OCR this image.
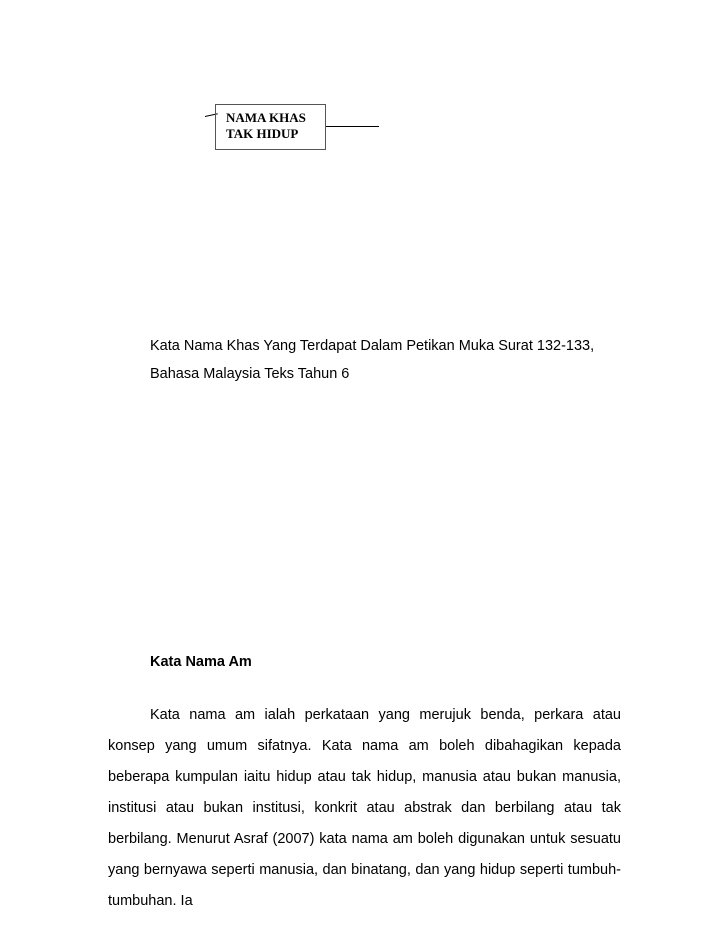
NAMA KHAS
TAK HIDUP
Kata Nama Khas Yang Terdapat Dalam Petikan Muka Surat 132-133,
Bahasa Malaysia Teks Tahun 6
Kata Nama Am

Kata nama am ialah perkataan yang merujuk benda, perkara atau konsep yang umum sifatnya. Kata nama am boleh dibahagikan kepada beberapa kumpulan iaitu hidup atau tak hidup, manusia atau bukan manusia, institusi atau bukan institusi, konkrit atau abstrak dan berbilang atau tak berbilang. Menurut Asraf (2007) kata nama am boleh digunakan untuk sesuatu yang bernyawa seperti manusia, dan binatang, dan yang hidup seperti tumbuh-tumbuhan. Ia
